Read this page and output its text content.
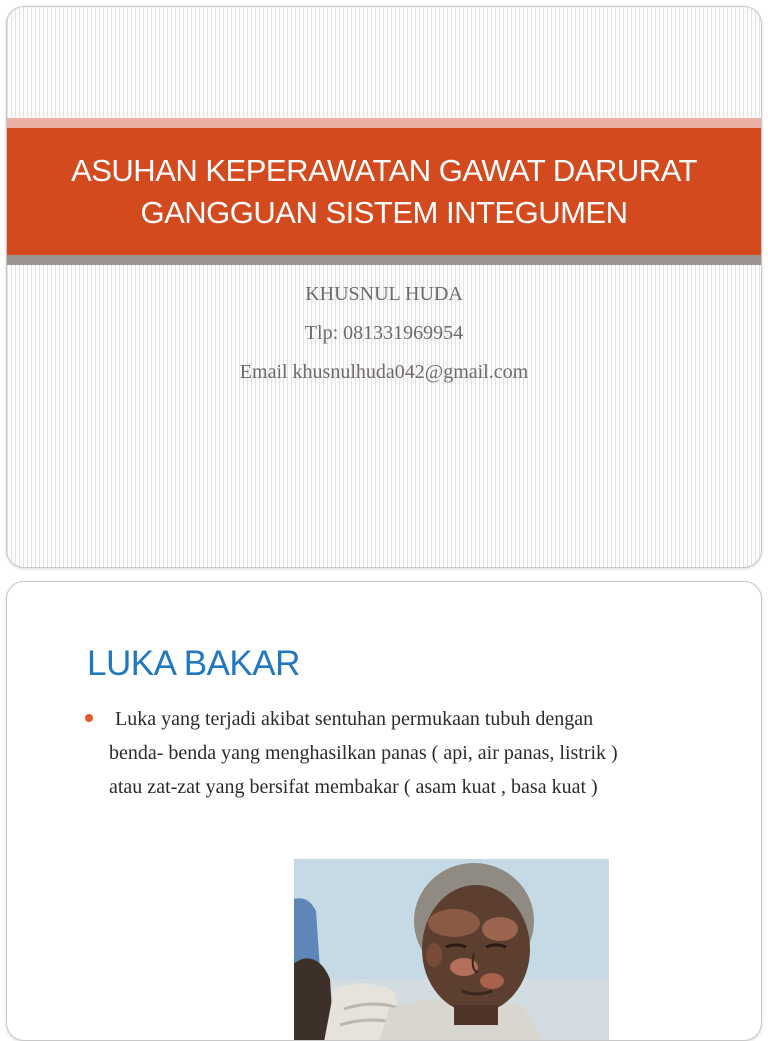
ASUHAN KEPERAWATAN GAWAT DARURAT
GANGGUAN SISTEM INTEGUMEN
KHUSNUL HUDA
Tlp: 081331969954
Email khusnulhuda042@gmail.com
LUKA BAKAR
Luka yang terjadi akibat sentuhan permukaan tubuh dengan
benda- benda yang menghasilkan panas ( api, air panas, listrik )
atau zat-zat yang bersifat membakar ( asam kuat , basa kuat )
